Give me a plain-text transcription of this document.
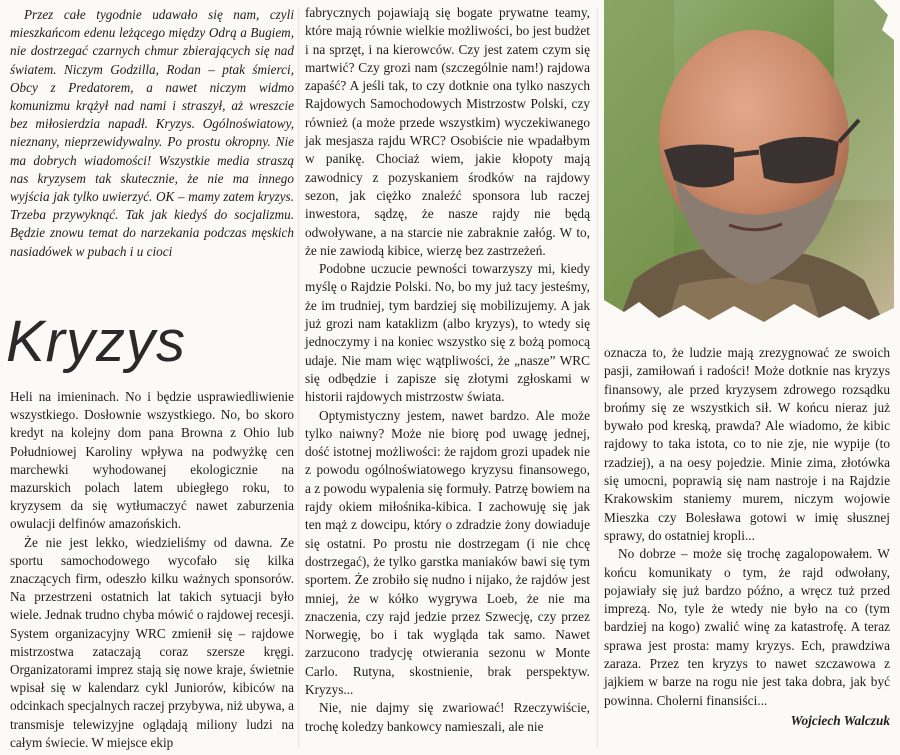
Przez całe tygodnie udawało się nam, czyli mieszkańcom edenu leżącego między Odrą a Bugiem, nie dostrzegać czarnych chmur zbierających się nad światem. Niczym Godzilla, Rodan – ptak śmierci, Obcy z Predatorem, a nawet niczym widmo komunizmu krążył nad nami i straszył, aż wreszcie bez miłosierdzia napadł. Kryzys. Ogólnoświatowy, nieznany, nieprzewidywalny. Po prostu okropny. Nie ma dobrych wiadomości! Wszystkie media straszą nas kryzysem tak skutecznie, że nie ma innego wyjścia jak tylko uwierzyć. OK – mamy zatem kryzys. Trzeba przywyknąć. Tak jak kiedyś do socjalizmu. Będzie znowu temat do narzekania podczas męskich nasiadówek w pubach i u cioci

Kryzys

Heli na imieninach. No i będzie usprawiedliwienie wszystkiego. Dosłownie wszystkiego. No, bo skoro kredyt na kolejny dom pana Browna z Ohio lub Południowej Karoliny wpływa na podwyżkę cen marchewki wyhodowanej ekologicznie na mazurskich polach latem ubiegłego roku, to kryzysem da się wytłumaczyć nawet zaburzenia owulacji delfinów amazońskich.

Że nie jest lekko, wiedzieliśmy od dawna. Ze sportu samochodowego wycofało się kilka znaczących firm, odeszło kilku ważnych sponsorów. Na przestrzeni ostatnich lat takich sytuacji było wiele. Jednak trudno chyba mówić o rajdowej recesji. System organizacyjny WRC zmienił się – rajdowe mistrzostwa zataczają coraz szersze kręgi. Organizatorami imprez stają się nowe kraje, świetnie wpisał się w kalendarz cykl Juniorów, kibiców na odcinkach specjalnych raczej przybywa, niż ubywa, a transmisje telewizyjne oglądają miliony ludzi na całym świecie. W miejsce ekip

fabrycznych pojawiają się bogate prywatne teamy, które mają równie wielkie możliwości, bo jest budżet i na sprzęt, i na kierowców. Czy jest zatem czym się martwić? Czy grozi nam (szczególnie nam!) rajdowa zapaść? A jeśli tak, to czy dotknie ona tylko naszych Rajdowych Samochodowych Mistrzostw Polski, czy również (a może przede wszystkim) wyczekiwanego jak mesjasza rajdu WRC? Osobiście nie wpadałbym w panikę. Chociaż wiem, jakie kłopoty mają zawodnicy z pozyskaniem środków na rajdowy sezon, jak ciężko znaleźć sponsora lub raczej inwestora, sądzę, że nasze rajdy nie będą odwoływane, a na starcie nie zabraknie załóg. W to, że nie zawiodą kibice, wierzę bez zastrzeżeń.

Podobne uczucie pewności towarzyszy mi, kiedy myślę o Rajdzie Polski. No, bo my już tacy jesteśmy, że im trudniej, tym bardziej się mobilizujemy. A jak już grozi nam kataklizm (albo kryzys), to wtedy się jednoczymy i na koniec wszystko się z bożą pomocą udaje. Nie mam więc wątpliwości, że „nasze” WRC się odbędzie i zapisze się złotymi zgłoskami w historii rajdowych mistrzostw świata.

Optymistyczny jestem, nawet bardzo. Ale może tylko naiwny? Może nie biorę pod uwagę jednej, dość istotnej możliwości: że rajdom grozi upadek nie z powodu ogólnoświatowego kryzysu finansowego, a z powodu wypalenia się formuły. Patrzę bowiem na rajdy okiem miłośnika-kibica. I zachowuję się jak ten mąż z dowcipu, który o zdradzie żony dowiaduje się ostatni. Po prostu nie dostrzegam (i nie chcę dostrzegać), że tylko garstka maniaków bawi się tym sportem. Że zrobiło się nudno i nijako, że rajdów jest mniej, że w kółko wygrywa Loeb, że nie ma znaczenia, czy rajd jedzie przez Szwecję, czy przez Norwegię, bo i tak wygląda tak samo. Nawet zarzucono tradycję otwierania sezonu w Monte Carlo. Rutyna, skostnienie, brak perspektyw. Kryzys...

Nie, nie dajmy się zwariować! Rzeczywiście, trochę koledzy bankowcy namieszali, ale nie

oznacza to, że ludzie mają zrezygnować ze swoich pasji, zamiłowań i radości! Może dotknie nas kryzys finansowy, ale przed kryzysem zdrowego rozsądku brońmy się ze wszystkich sił. W końcu nieraz już bywało pod kreską, prawda? Ale wiadomo, że kibic rajdowy to taka istota, co to nie zje, nie wypije (to rzadziej), a na oesy pojedzie. Minie zima, złotówka się umocni, poprawią się nam nastroje i na Rajdzie Krakowskim staniemy murem, niczym wojowie Mieszka czy Bolesława gotowi w imię słusznej sprawy, do ostatniej kropli...

No dobrze – może się trochę zagalopowałem. W końcu komunikaty o tym, że rajd odwołany, pojawiały się już bardzo późno, a wręcz tuż przed imprezą. No, tyle że wtedy nie było na co (tym bardziej na kogo) zwalić winę za katastrofę. A teraz sprawa jest prosta: mamy kryzys. Ech, prawdziwa zaraza. Przez ten kryzys to nawet szczawowa z jajkiem w barze na rogu nie jest taka dobra, jak być powinna. Cholerni finansiści...

Wojciech Walczuk
